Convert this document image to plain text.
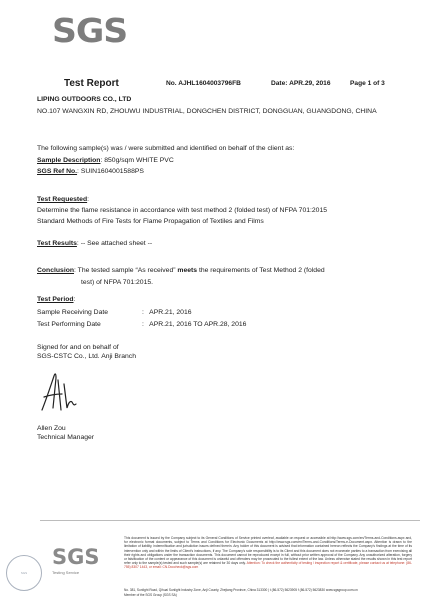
SGS
Test Report	No. AJHL1604003796FB	Date: APR.29, 2016	Page 1 of 3
LIPING OUTDOORS CO., LTD
NO.107 WANGXIN RD, ZHOUWU INDUSTRIAL, DONGCHEN DISTRICT, DONGGUAN, GUANGDONG, CHINA
The following sample(s) was / were submitted and identified on behalf of the client as:
Sample Description : 850g/sqm WHITE PVC
SGS Ref No. : SUIN1604001588PS
Test Requested :
Determine the flame resistance in accordance with test method 2 (folded test) of NFPA 701:2015
Standard Methods of Fire Tests for Flame Propagation of Textiles and Films
Test Results : -- See attached sheet --
Conclusion : The tested sample “As received” meets the requirements of Test Method 2 (folded
test) of NFPA 701:2015.
Test Period :
Sample Receiving Date	:   APR.21, 2016
Test Performing Date	:   APR.21, 2016 TO APR.28, 2016
Signed for and on behalf of
SGS-CSTC Co., Ltd. Anji Branch
Allen Zou
Technical Manager
SGS
SGS
Testing Service
This document is issued by the Company subject to its General Conditions of Service printed overleaf, available on request or accessible at http://www.sgs.com/en/Terms-and-Conditions.aspx and, for electronic format documents, subject to Terms and Conditions for Electronic Documents at http://www.sgs.com/en/Terms-and-Conditions/Terms-e-Document.aspx. Attention is drawn to the limitation of liability, indemnification and jurisdiction issues defined therein. Any holder of this document is advised that information contained hereon reflects the Company's findings at the time of its intervention only and within the limits of Client's instructions, if any. The Company's sole responsibility is to its Client and this document does not exonerate parties to a transaction from exercising all their rights and obligations under the transaction documents. This document cannot be reproduced except in full, without prior written approval of the Company. Any unauthorized alteration, forgery or falsification of the content or appearance of this document is unlawful and offenders may be prosecuted to the fullest extent of the law. Unless otherwise stated the results shown in this test report refer only to the sample(s) tested and such sample(s) are retained for 30 days only. Attention: To check the authenticity of testing / inspection report & certificate, please contact us at telephone: (86-755) 8307 1443, or email: CN.Doccheck@sgs.com
No. 381, Sunlight Road, Qihuai Sunlight Industry Zone, Anji County, Zhejiang Province, China 313300 | t (86-572) 5623905 f (86-572) 5623830 www.sgsgroup.com.cn
Member of the SGS Group (SGS SA)
